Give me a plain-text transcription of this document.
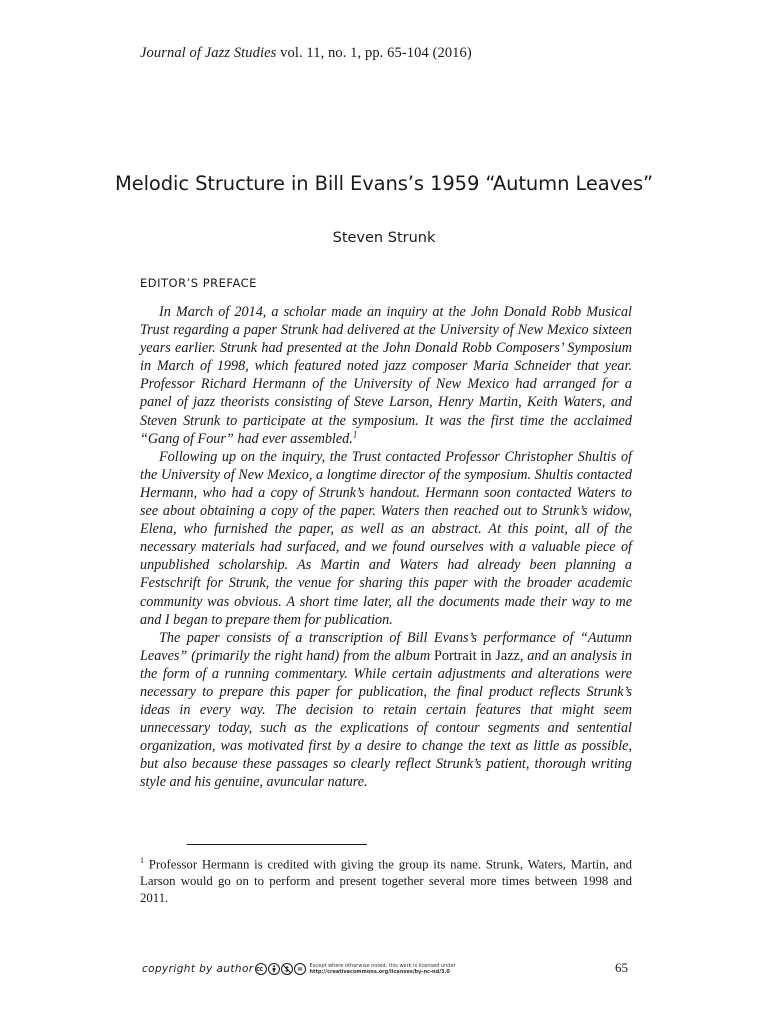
Journal of Jazz Studies vol. 11, no. 1, pp. 65-104 (2016)
Melodic Structure in Bill Evans’s 1959 “Autumn Leaves”
Steven Strunk
EDITOR’S PREFACE

In March of 2014, a scholar made an inquiry at the John Donald Robb Musical Trust regarding a paper Strunk had delivered at the University of New Mexico sixteen years earlier. Strunk had presented at the John Donald Robb Composers’ Symposium in March of 1998, which featured noted jazz composer Maria Schneider that year. Professor Richard Hermann of the University of New Mexico had arranged for a panel of jazz theorists consisting of Steve Larson, Henry Martin, Keith Waters, and Steven Strunk to participate at the symposium. It was the first time the acclaimed “Gang of Four” had ever assembled.$^1$

Following up on the inquiry, the Trust contacted Professor Christopher Shultis of the University of New Mexico, a longtime director of the symposium. Shultis contacted Hermann, who had a copy of Strunk’s handout. Hermann soon contacted Waters to see about obtaining a copy of the paper. Waters then reached out to Strunk’s widow, Elena, who furnished the paper, as well as an abstract. At this point, all of the necessary materials had surfaced, and we found ourselves with a valuable piece of unpublished scholarship. As Martin and Waters had already been planning a Festschrift for Strunk, the venue for sharing this paper with the broader academic community was obvious. A short time later, all the documents made their way to me and I began to prepare them for publication.

The paper consists of a transcription of Bill Evans’s performance of “Autumn Leaves” (primarily the right hand) from the album Portrait in Jazz, and an analysis in the form of a running commentary. While certain adjustments and alterations were necessary to prepare this paper for publication, the final product reflects Strunk’s ideas in every way. The decision to retain certain features that might seem unnecessary today, such as the explications of contour segments and sentential organization, was motivated first by a desire to change the text as little as possible, but also because these passages so clearly reflect Strunk’s patient, thorough writing style and his genuine, avuncular nature.

$^1$ Professor Hermann is credited with giving the group its name. Strunk, Waters, Martin, and Larson would go on to perform and present together several more times between 1998 and 2011.
copyright by author	Except where otherwise noted, this work is licensed under
http://creativecommons.org/licenses/by-nc-nd/3.0	65
